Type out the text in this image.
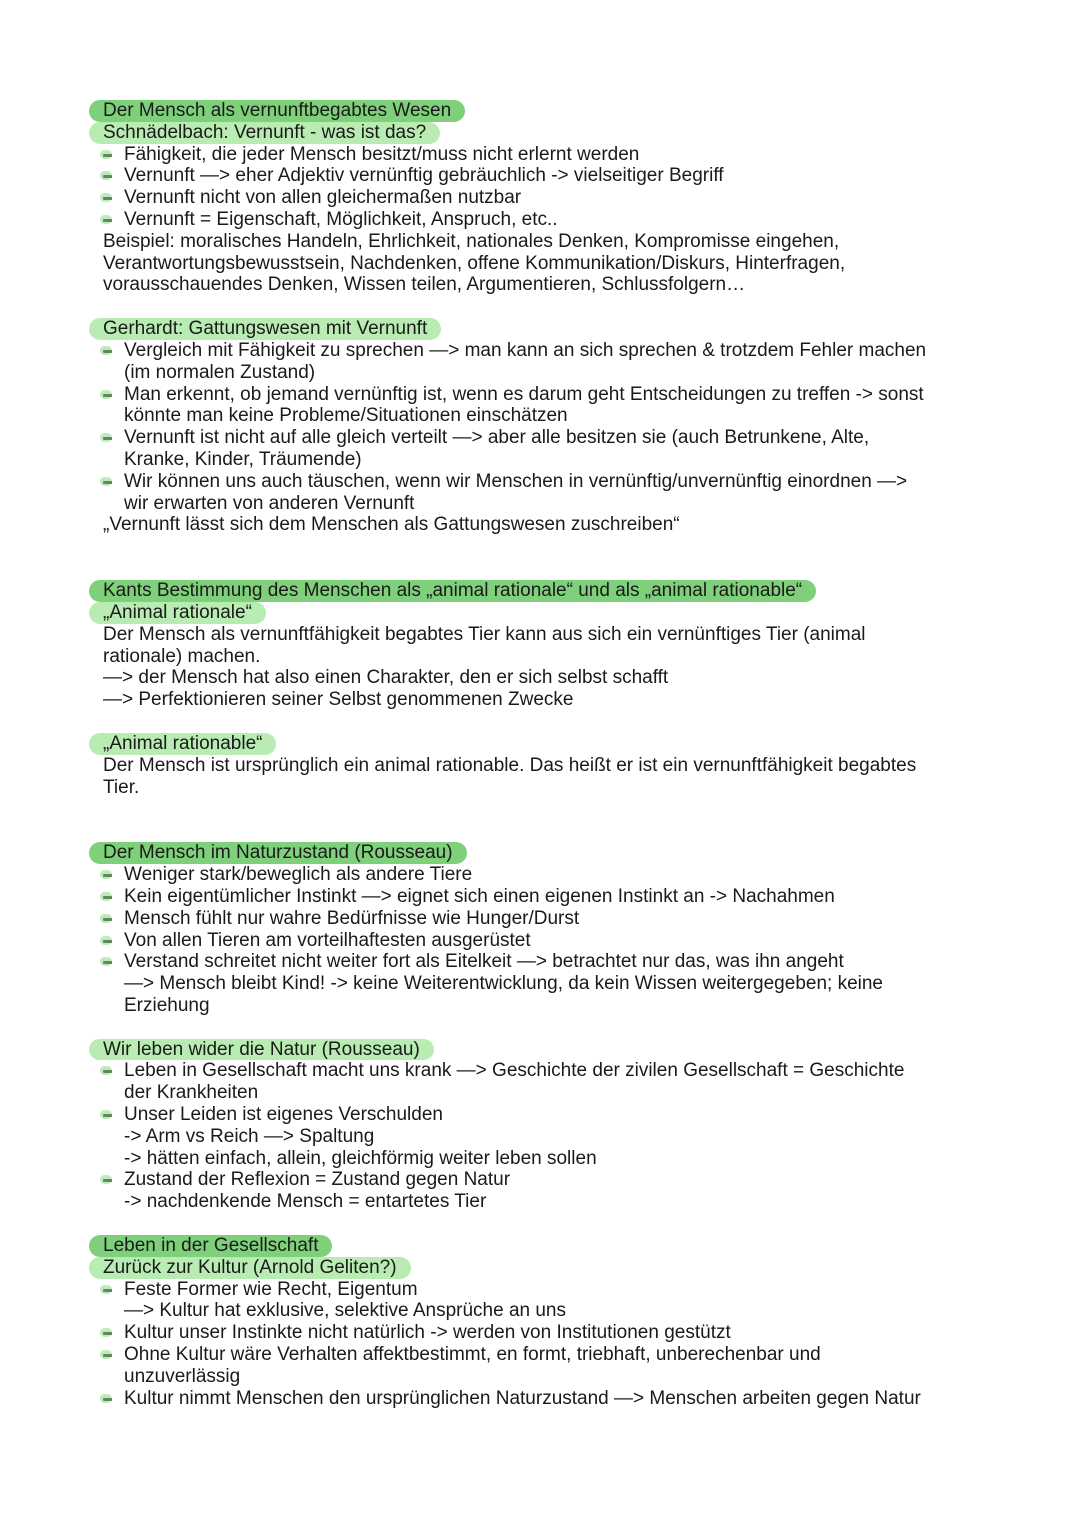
Der Mensch als vernunftbegabtes Wesen
Schnädelbach: Vernunft - was ist das?
Fähigkeit, die jeder Mensch besitzt/muss nicht erlernt werden
Vernunft —> eher Adjektiv vernünftig gebräuchlich -> vielseitiger Begriff
Vernunft nicht von allen gleichermaßen nutzbar
Vernunft = Eigenschaft, Möglichkeit, Anspruch, etc..
Beispiel: moralisches Handeln, Ehrlichkeit, nationales Denken, Kompromisse eingehen,
Verantwortungsbewusstsein, Nachdenken, offene Kommunikation/Diskurs, Hinterfragen,
vorausschauendes Denken, Wissen teilen, Argumentieren, Schlussfolgern…
Gerhardt: Gattungswesen mit Vernunft
Vergleich mit Fähigkeit zu sprechen —> man kann an sich sprechen & trotzdem Fehler machen
(im normalen Zustand)
Man erkennt, ob jemand vernünftig ist, wenn es darum geht Entscheidungen zu treffen -> sonst
könnte man keine Probleme/Situationen einschätzen
Vernunft ist nicht auf alle gleich verteilt —> aber alle besitzen sie (auch Betrunkene, Alte,
Kranke, Kinder, Träumende)
Wir können uns auch täuschen, wenn wir Menschen in vernünftig/unvernünftig einordnen —>
wir erwarten von anderen Vernunft
„Vernunft lässt sich dem Menschen als Gattungswesen zuschreiben“
Kants Bestimmung des Menschen als „animal rationale“ und als „animal rationable“
„Animal rationale“
Der Mensch als vernunftfähigkeit begabtes Tier kann aus sich ein vernünftiges Tier (animal
rationale) machen.
—> der Mensch hat also einen Charakter, den er sich selbst schafft
—> Perfektionieren seiner Selbst genommenen Zwecke
„Animal rationable“
Der Mensch ist ursprünglich ein animal rationable. Das heißt er ist ein vernunftfähigkeit begabtes
Tier.
Der Mensch im Naturzustand (Rousseau)
Weniger stark/beweglich als andere Tiere
Kein eigentümlicher Instinkt —> eignet sich einen eigenen Instinkt an -> Nachahmen
Mensch fühlt nur wahre Bedürfnisse wie Hunger/Durst
Von allen Tieren am vorteilhaftesten ausgerüstet
Verstand schreitet nicht weiter fort als Eitelkeit —> betrachtet nur das, was ihn angeht
—> Mensch bleibt Kind! -> keine Weiterentwicklung, da kein Wissen weitergegeben; keine
Erziehung
Wir leben wider die Natur (Rousseau)
Leben in Gesellschaft macht uns krank —> Geschichte der zivilen Gesellschaft = Geschichte
der Krankheiten
Unser Leiden ist eigenes Verschulden
-> Arm vs Reich —> Spaltung
-> hätten einfach, allein, gleichförmig weiter leben sollen
Zustand der Reflexion = Zustand gegen Natur
-> nachdenkende Mensch = entartetes Tier
Leben in der Gesellschaft
Zurück zur Kultur (Arnold Geliten?)
Feste Former wie Recht, Eigentum
—> Kultur hat exklusive, selektive Ansprüche an uns
Kultur unser Instinkte nicht natürlich -> werden von Institutionen gestützt
Ohne Kultur wäre Verhalten affektbestimmt, en formt, triebhaft, unberechenbar und
unzuverlässig
Kultur nimmt Menschen den ursprünglichen Naturzustand —> Menschen arbeiten gegen Natur
